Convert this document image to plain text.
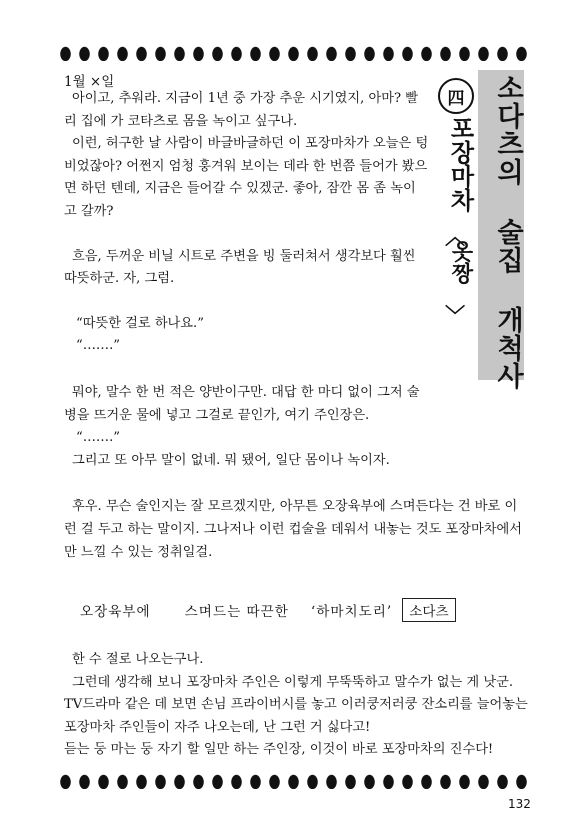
1월 ×일	소다츠의 술집 개척사
四
포장마차
〈
옷짱
〉

아이고, 추워라. 지금이 1년 중 가장 추운 시기였지, 아마? 빨

리 집에 가 코타츠로 몸을 녹이고 싶구나.

이런, 허구한 날 사람이 바글바글하던 이 포장마차가 오늘은 텅

비었잖아? 어쩐지 엄청 훙겨워 보이는 데라 한 번쯤 들어가 봤으

면 하던 텐데, 지금은 들어갈 수 있겠군. 좋아, 잠깐 몸 좀 녹이

고 갈까?

흐음, 두꺼운 비닐 시트로 주변을 빙 둘러쳐서 생각보다 훨씬

따뜻하군. 자, 그럼.

“따뜻한 걸로 하나요.”

“…….”

뭐야, 말수 한 번 적은 양반이구만. 대답 한 마디 없이 그저 술

병을 뜨거운 물에 넣고 그걸로 끝인가, 여기 주인장은.

“…….”

그리고 또 아무 말이 없네. 뭐 됐어, 일단 몸이나 녹이자.

후우. 무슨 술인지는 잘 모르겠지만, 아무튼 오장육부에 스며든다는 건 바로 이

런 걸 두고 하는 말이지. 그나저나 이런 컵술을 데워서 내놓는 것도 포장마차에서

만 느낄 수 있는 정취일걸.

오장육부에	스며드는 따끈한 ‘하마치도리’	소다츠

한 수 절로 나오는구나.

그런데 생각해 보니 포장마차 주인은 이렇게 무뚝뚝하고 말수가 없는 게 낫군.

TV드라마 같은 데 보면 손님 프라이버시를 놓고 이러쿵저러쿵 잔소리를 늘어놓는

포장마차 주인들이 자주 나오는데, 난 그런 거 싫다고!

듣는 둥 마는 둥 자기 할 일만 하는 주인장, 이것이 바로 포장마차의 진수다!

132
